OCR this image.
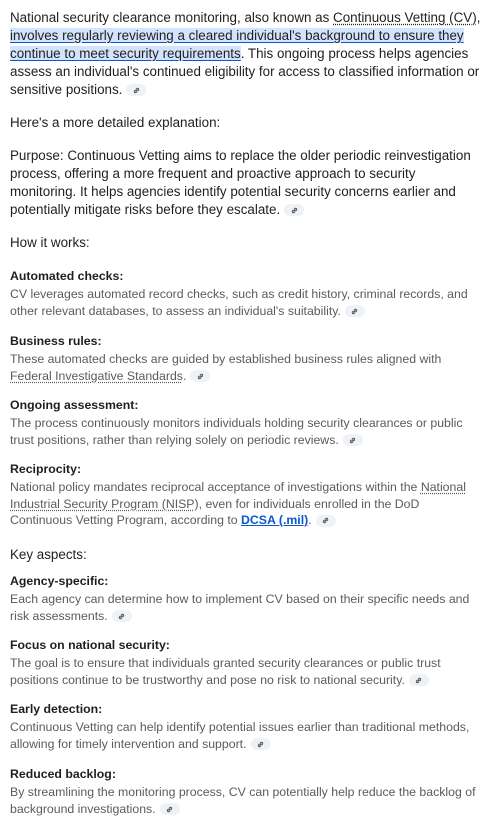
National security clearance monitoring, also known as Continuous Vetting (CV), involves regularly reviewing a cleared individual's background to ensure they continue to meet security requirements. This ongoing process helps agencies assess an individual's continued eligibility for access to classified information or sensitive positions.
Here's a more detailed explanation:
Purpose: Continuous Vetting aims to replace the older periodic reinvestigation process, offering a more frequent and proactive approach to security monitoring. It helps agencies identify potential security concerns earlier and potentially mitigate risks before they escalate.
How it works:
Automated checks:
CV leverages automated record checks, such as credit history, criminal records, and other relevant databases, to assess an individual's suitability.
Business rules:
These automated checks are guided by established business rules aligned with Federal Investigative Standards.
Ongoing assessment:
The process continuously monitors individuals holding security clearances or public trust positions, rather than relying solely on periodic reviews.
Reciprocity:
National policy mandates reciprocal acceptance of investigations within the National Industrial Security Program (NISP), even for individuals enrolled in the DoD Continuous Vetting Program, according to DCSA (.mil).
Key aspects:
Agency-specific:
Each agency can determine how to implement CV based on their specific needs and risk assessments.
Focus on national security:
The goal is to ensure that individuals granted security clearances or public trust positions continue to be trustworthy and pose no risk to national security.
Early detection:
Continuous Vetting can help identify potential issues earlier than traditional methods, allowing for timely intervention and support.
Reduced backlog:
By streamlining the monitoring process, CV can potentially help reduce the backlog of background investigations.
